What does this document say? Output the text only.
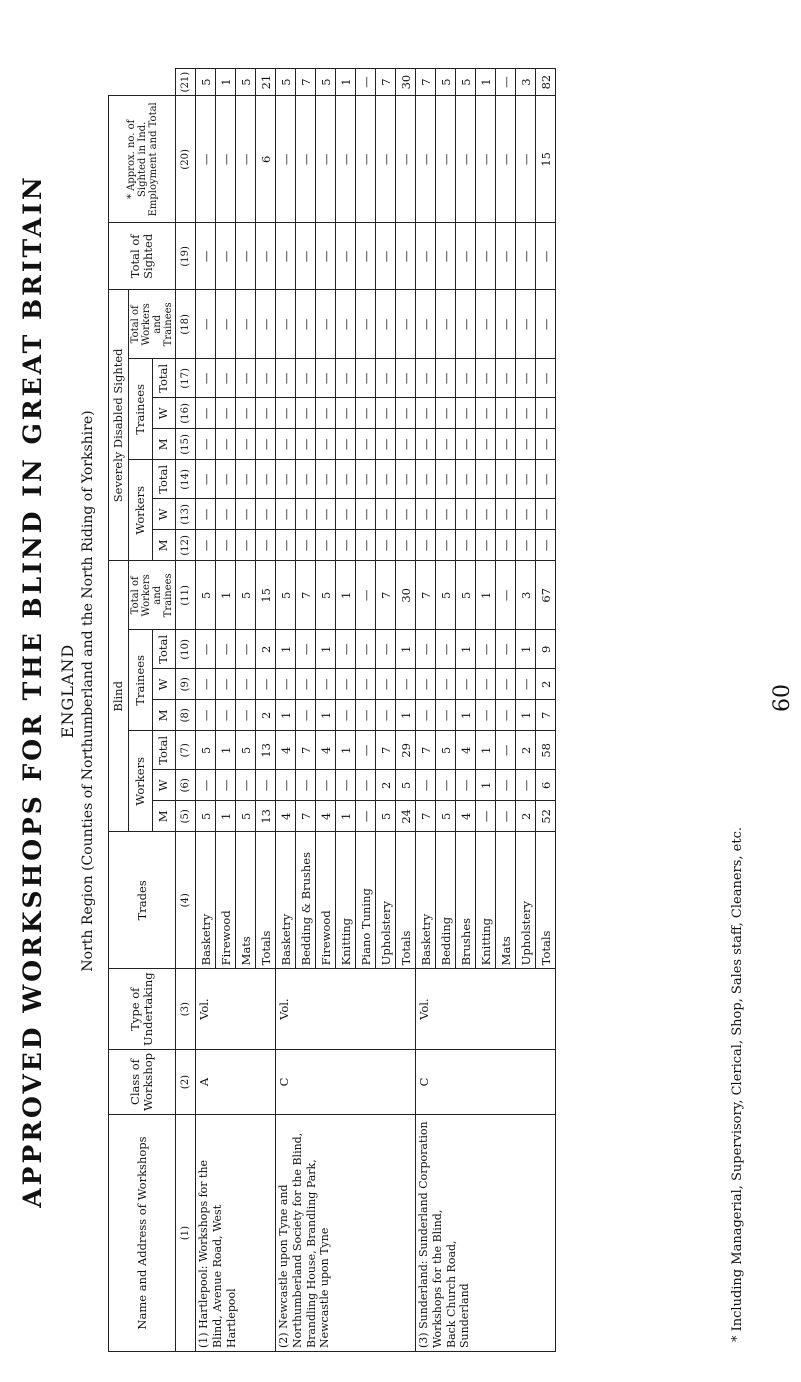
APPROVED WORKSHOPS FOR THE BLIND IN GREAT BRITAIN
Name and Address of Workshops	Class of Workshop	Type of Undertaking	Trades	Blind							Severely Disabled Sighted							Total of Sighted	* Approx. no. of Sighted in Ind. Employment and Total	
				Workers			Trainees			Total of Workers and Trainees	Workers			Trainees			Total of Workers and Trainees			
				M	W	Total	M	W	Total		M	W	Total	M	W	Total				
(1)	(2)	(3)	(4)	(5)	(6)	(7)	(8)	(9)	(10)	(11)	(12)	(13)	(14)	(15)	(16)	(17)	(18)	(19)	(20)	(21)

(1) Hartlepool: Workshops for the Blind, Avenue Road, West Hartlepool	A	Vol.	Basketry	5	—	5	—	—	—	5	—	—	—	—	—	—	—	—	—	5
			Firewood	1	—	1	—	—	—	1	—	—	—	—	—	—	—	—	—	1
			Mats	5	—	5	—	—	—	5	—	—	—	—	—	—	—	—	—	5
			Totals	13	—	13	2	—	2	15	—	—	—	—	—	—	—	—	6	21

(2) Newcastle upon Tyne and Northumberland Society for the Blind, Brandling House, Brandling Park, Newcastle upon Tyne	C	Vol.	Basketry	4	—	4	1	—	1	5	—	—	—	—	—	—	—	—	—	5
			Bedding & Brushes	7	—	7	—	—	—	7	—	—	—	—	—	—	—	—	—	7
			Firewood	4	—	4	1	—	1	5	—	—	—	—	—	—	—	—	—	5
			Knitting	1	—	1	—	—	—	1	—	—	—	—	—	—	—	—	—	1
			Piano Tuning	—	—	—	—	—	—	—	—	—	—	—	—	—	—	—	—	—
			Upholstery	5	2	7	—	—	—	7	—	—	—	—	—	—	—	—	—	7
			Totals	24	5	29	1	—	1	30	—	—	—	—	—	—	—	—	—	30

(3) Sunderland: Sunderland Corporation Workshops for the Blind, Back Church Road, Sunderland	C	Vol.	Basketry	7	—	7	—	—	—	7	—	—	—	—	—	—	—	—	—	7
			Bedding	5	—	5	—	—	—	5	—	—	—	—	—	—	—	—	—	5
			Brushes	4	—	4	1	—	1	5	—	—	—	—	—	—	—	—	—	5
			Knitting	—	1	1	—	—	—	1	—	—	—	—	—	—	—	—	—	1
			Mats	—	—	—	—	—	—	—	—	—	—	—	—	—	—	—	—	—
			Upholstery	2	—	2	1	—	1	3	—	—	—	—	—	—	—	—	—	3
			Totals	52	6	58	7	2	9	67	—	—	—	—	—	—	—	—	15	82
60
ENGLAND North Region (Counties of Northumberland and the North Riding of Yorkshire)
* Including Managerial, Supervisory, Clerical, Shop, Sales staff, Cleaners, etc.
